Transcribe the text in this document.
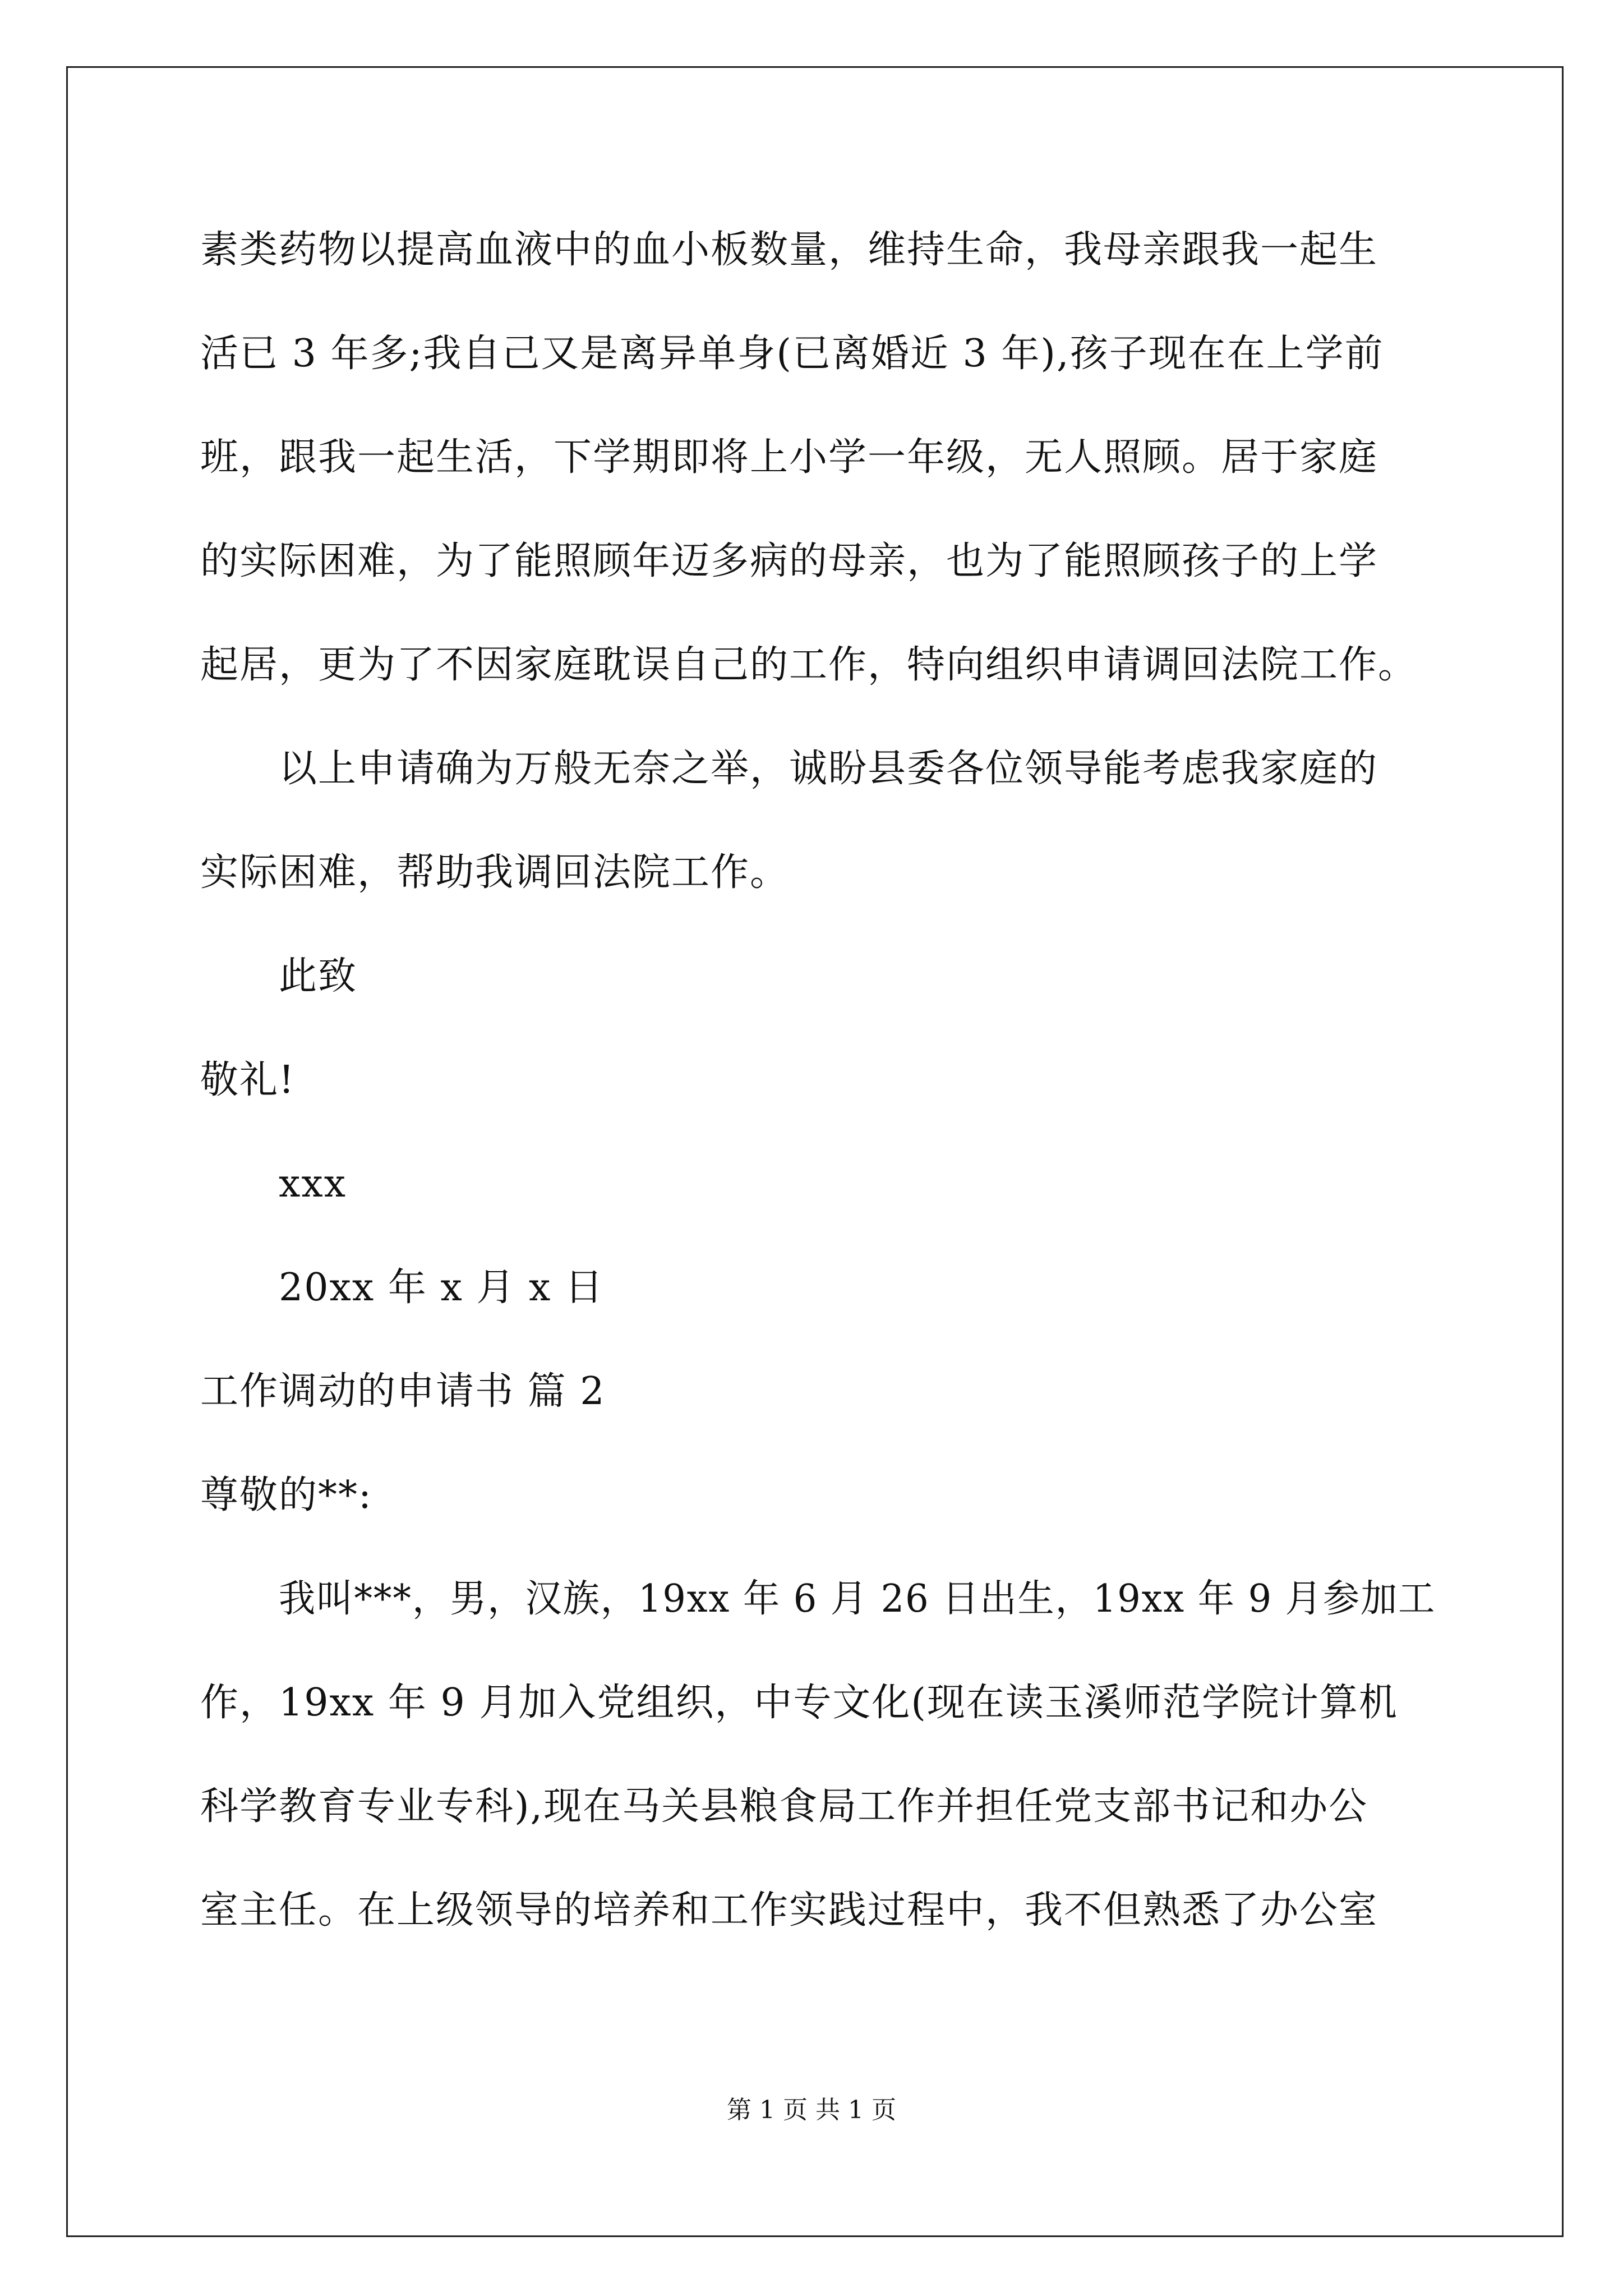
素类药物以提高血液中的血小板数量，维持生命，我母亲跟我一起生
活已 3 年多;我自己又是离异单身(已离婚近 3 年),孩子现在在上学前
班，跟我一起生活，下学期即将上小学一年级，无人照顾。居于家庭
的实际困难，为了能照顾年迈多病的母亲，也为了能照顾孩子的上学
起居，更为了不因家庭耽误自己的工作，特向组织申请调回法院工作。
以上申请确为万般无奈之举，诚盼县委各位领导能考虑我家庭的
实际困难，帮助我调回法院工作。
此致
敬礼!
xxx
20xx 年 x 月 x 日
工作调动的申请书 篇 2
尊敬的**:
我叫***，男，汉族，19xx 年 6 月 26 日出生，19xx 年 9 月参加工
作，19xx 年 9 月加入党组织，中专文化(现在读玉溪师范学院计算机
科学教育专业专科),现在马关县粮食局工作并担任党支部书记和办公
室主任。在上级领导的培养和工作实践过程中，我不但熟悉了办公室
第 1 页 共 1 页
